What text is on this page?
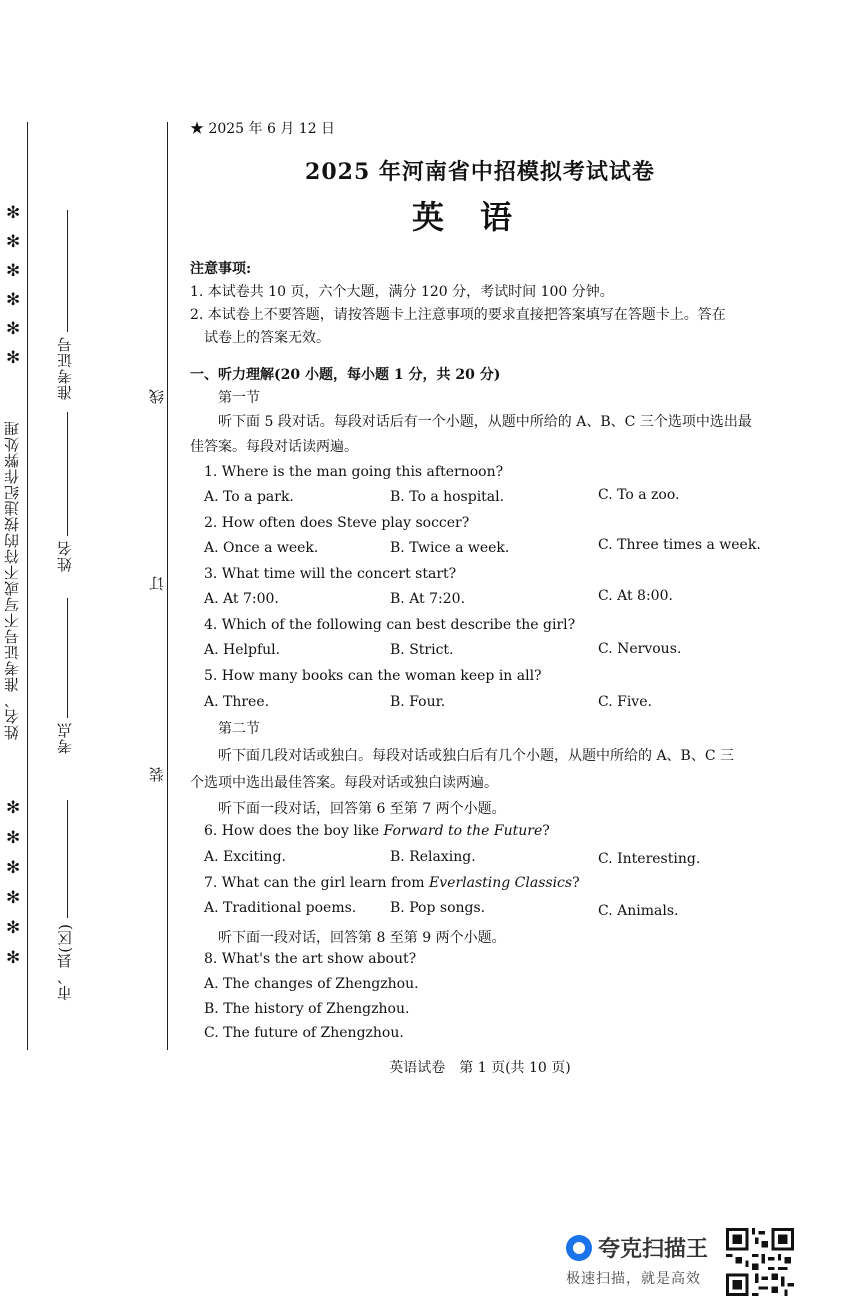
✻
✻
✻
✻
✻
✻
姓名、准考证号不写或不符的按违纪作弊处理
✻
✻
✻
✻
✻
✻
准考证号
姓名
考点
市、县(区)
线
订
装
★ 2025 年 6 月 12 日
2025 年河南省中招模拟考试试卷
英语
注意事项:
1. 本试卷共 10 页，六个大题，满分 120 分，考试时间 100 分钟。
2. 本试卷上不要答题，请按答题卡上注意事项的要求直接把答案填写在答题卡上。答在
试卷上的答案无效。
一、听力理解(20 小题，每小题 1 分，共 20 分)
第一节
听下面 5 段对话。每段对话后有一个小题，从题中所给的 A、B、C 三个选项中选出最
佳答案。每段对话读两遍。
1. Where is the man going this afternoon?
A. To a park.	B. To a hospital.	C. To a zoo.
2. How often does Steve play soccer?
A. Once a week.	B. Twice a week.	C. Three times a week.
3. What time will the concert start?
A. At 7:00.	B. At 7:20.	C. At 8:00.
4. Which of the following can best describe the girl?
A. Helpful.	B. Strict.	C. Nervous.
5. How many books can the woman keep in all?
A. Three.	B. Four.	C. Five.
第二节
听下面几段对话或独白。每段对话或独白后有几个小题，从题中所给的 A、B、C 三
个选项中选出最佳答案。每段对话或独白读两遍。
听下面一段对话，回答第 6 至第 7 两个小题。
6. How does the boy like Forward to the Future?
A. Exciting.	B. Relaxing.	C. Interesting.
7. What can the girl learn from Everlasting Classics?
A. Traditional poems. B. Pop songs.	C. Animals.
听下面一段对话，回答第 8 至第 9 两个小题。
8. What's the art show about?
A. The changes of Zhengzhou.
B. The history of Zhengzhou.
C. The future of Zhengzhou.
英语试卷　第 1 页(共 10 页)
夸克扫描王
极速扫描，就是高效
